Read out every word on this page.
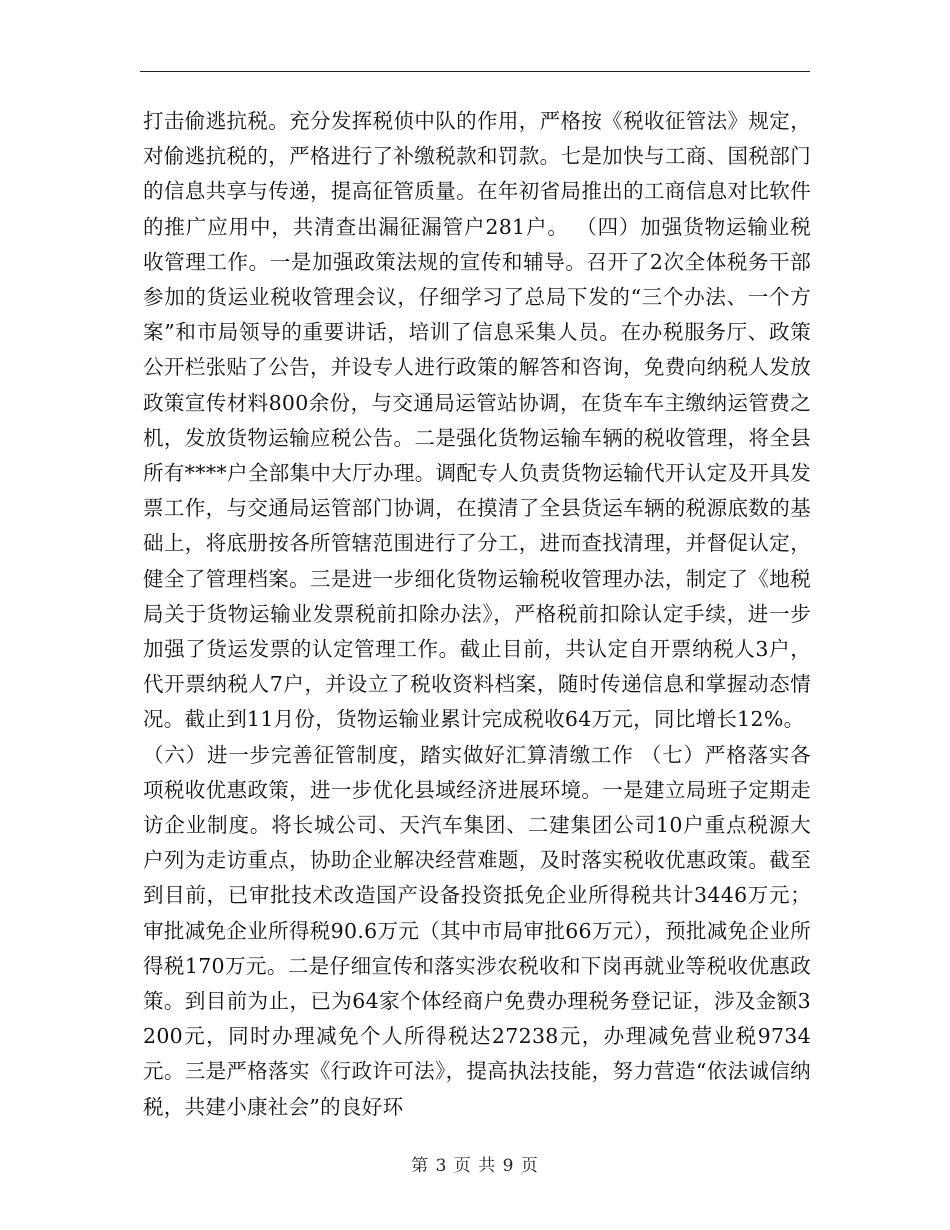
打击偷逃抗税。充分发挥税侦中队的作用，严格按《税收征管法》规定，对偷逃抗税的，严格进行了补缴税款和罚款。七是加快与工商、国税部门的信息共享与传递，提高征管质量。在年初省局推出的工商信息对比软件的推广应用中，共清查出漏征漏管户281户。 （四）加强货物运输业税收管理工作。一是加强政策法规的宣传和辅导。召开了2次全体税务干部参加的货运业税收管理会议，仔细学习了总局下发的“三个办法、一个方案”和市局领导的重要讲话，培训了信息采集人员。在办税服务厅、政策公开栏张贴了公告，并设专人进行政策的解答和咨询，免费向纳税人发放政策宣传材料800余份，与交通局运管站协调，在货车车主缴纳运管费之机，发放货物运输应税公告。二是强化货物运输车辆的税收管理，将全县所有****户全部集中大厅办理。调配专人负责货物运输代开认定及开具发票工作，与交通局运管部门协调，在摸清了全县货运车辆的税源底数的基础上，将底册按各所管辖范围进行了分工，进而查找清理，并督促认定，健全了管理档案。三是进一步细化货物运输税收管理办法，制定了《地税局关于货物运输业发票税前扣除办法》，严格税前扣除认定手续，进一步加强了货运发票的认定管理工作。截止目前，共认定自开票纳税人3户，代开票纳税人7户，并设立了税收资料档案，随时传递信息和掌握动态情况。截止到11月份，货物运输业累计完成税收64万元，同比增长12%。

（六）进一步完善征管制度，踏实做好汇算清缴工作 （七）严格落实各项税收优惠政策，进一步优化县域经济进展环境。一是建立局班子定期走访企业制度。将长城公司、天汽车集团、二建集团公司10户重点税源大户列为走访重点，协助企业解决经营难题，及时落实税收优惠政策。截至到目前，已审批技术改造国产设备投资抵免企业所得税共计3446万元；审批减免企业所得税90.6万元（其中市局审批66万元），预批减免企业所得税170万元。二是仔细宣传和落实涉农税收和下岗再就业等税收优惠政策。到目前为止，已为64家个体经商户免费办理税务登记证，涉及金额3200元，同时办理减免个人所得税达27238元，办理减免营业税9734元。三是严格落实《行政许可法》，提高执法技能，努力营造“依法诚信纳税，共建小康社会”的良好环

第 3 页 共 9 页
